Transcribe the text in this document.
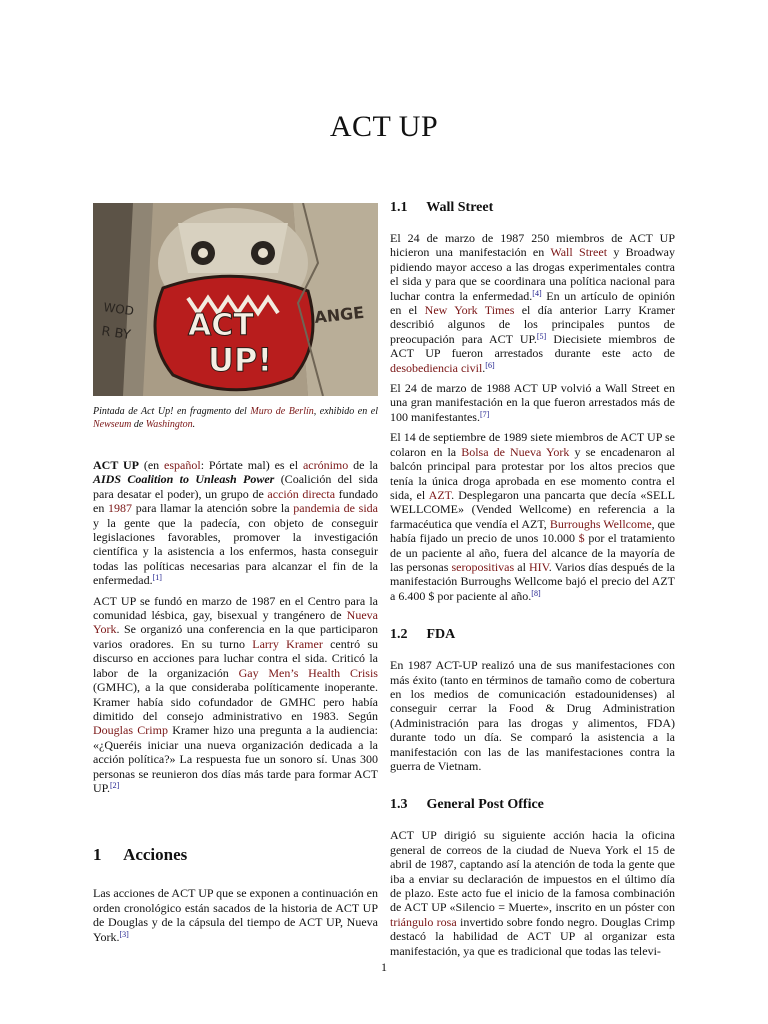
ACT UP
ACT
UP!
ANGE
WOD
R BY
Pintada de Act Up! en fragmento del Muro de Berlín, exhibido en el Newseum de Washington.

ACT UP (en español: Pórtate mal) es el acrónimo de la AIDS Coalition to Unleash Power (Coalición del sida para desatar el poder), un grupo de acción directa fundado en 1987 para llamar la atención sobre la pandemia de sida y la gente que la padecía, con objeto de conseguir legislaciones favorables, promover la investigación científica y la asistencia a los enfermos, hasta conseguir todas las políticas necesarias para alcanzar el fin de la enfermedad.[1]

ACT UP se fundó en marzo de 1987 en el Centro para la comunidad lésbica, gay, bisexual y trangénero de Nueva York. Se organizó una conferencia en la que participaron varios oradores. En su turno Larry Kramer centró su discurso en acciones para luchar contra el sida. Criticó la labor de la organización Gay Men’s Health Crisis (GMHC), a la que consideraba políticamente inoperante. Kramer había sido cofundador de GMHC pero había dimitido del consejo administrativo en 1983. Según Douglas Crimp Kramer hizo una pregunta a la audiencia: «¿Queréis iniciar una nueva organización dedicada a la acción política?» La respuesta fue un sonoro sí. Unas 300 personas se reunieron dos días más tarde para formar ACT UP.[2]

1 Acciones

Las acciones de ACT UP que se exponen a continuación en orden cronológico están sacados de la historia de ACT UP de Douglas y de la cápsula del tiempo de ACT UP, Nueva York.[3]

1.1 Wall Street

El 24 de marzo de 1987 250 miembros de ACT UP hicieron una manifestación en Wall Street y Broadway pidiendo mayor acceso a las drogas experimentales contra el sida y para que se coordinara una política nacional para luchar contra la enfermedad.[4] En un artículo de opinión en el New York Times el día anterior Larry Kramer describió algunos de los principales puntos de preocupación para ACT UP.[5] Diecisiete miembros de ACT UP fueron arrestados durante este acto de desobediencia civil.[6]

El 24 de marzo de 1988 ACT UP volvió a Wall Street en una gran manifestación en la que fueron arrestados más de 100 manifestantes.[7]

El 14 de septiembre de 1989 siete miembros de ACT UP se colaron en la Bolsa de Nueva York y se encadenaron al balcón principal para protestar por los altos precios que tenía la única droga aprobada en ese momento contra el sida, el AZT. Desplegaron una pancarta que decía «SELL WELLCOME» (Vended Wellcome) en referencia a la farmacéutica que vendía el AZT, Burroughs Wellcome, que había fijado un precio de unos 10.000 $ por el tratamiento de un paciente al año, fuera del alcance de la mayoría de las personas seropositivas al HIV. Varios días después de la manifestación Burroughs Wellcome bajó el precio del AZT a 6.400 $ por paciente al año.[8]

1.2 FDA

En 1987 ACT-UP realizó una de sus manifestaciones con más éxito (tanto en términos de tamaño como de cobertura en los medios de comunicación estadounidenses) al conseguir cerrar la Food & Drug Administration (Administración para las drogas y alimentos, FDA) durante todo un día. Se comparó la asistencia a la manifestación con las de las manifestaciones contra la guerra de Vietnam.

1.3 General Post Office

ACT UP dirigió su siguiente acción hacia la oficina general de correos de la ciudad de Nueva York el 15 de abril de 1987, captando así la atención de toda la gente que iba a enviar su declaración de impuestos en el último día de plazo. Este acto fue el inicio de la famosa combinación de ACT UP «Silencio = Muerte», inscrito en un póster con triángulo rosa invertido sobre fondo negro. Douglas Crimp destacó la habilidad de ACT UP al organizar esta manifestación, ya que es tradicional que todas las televi-

1
